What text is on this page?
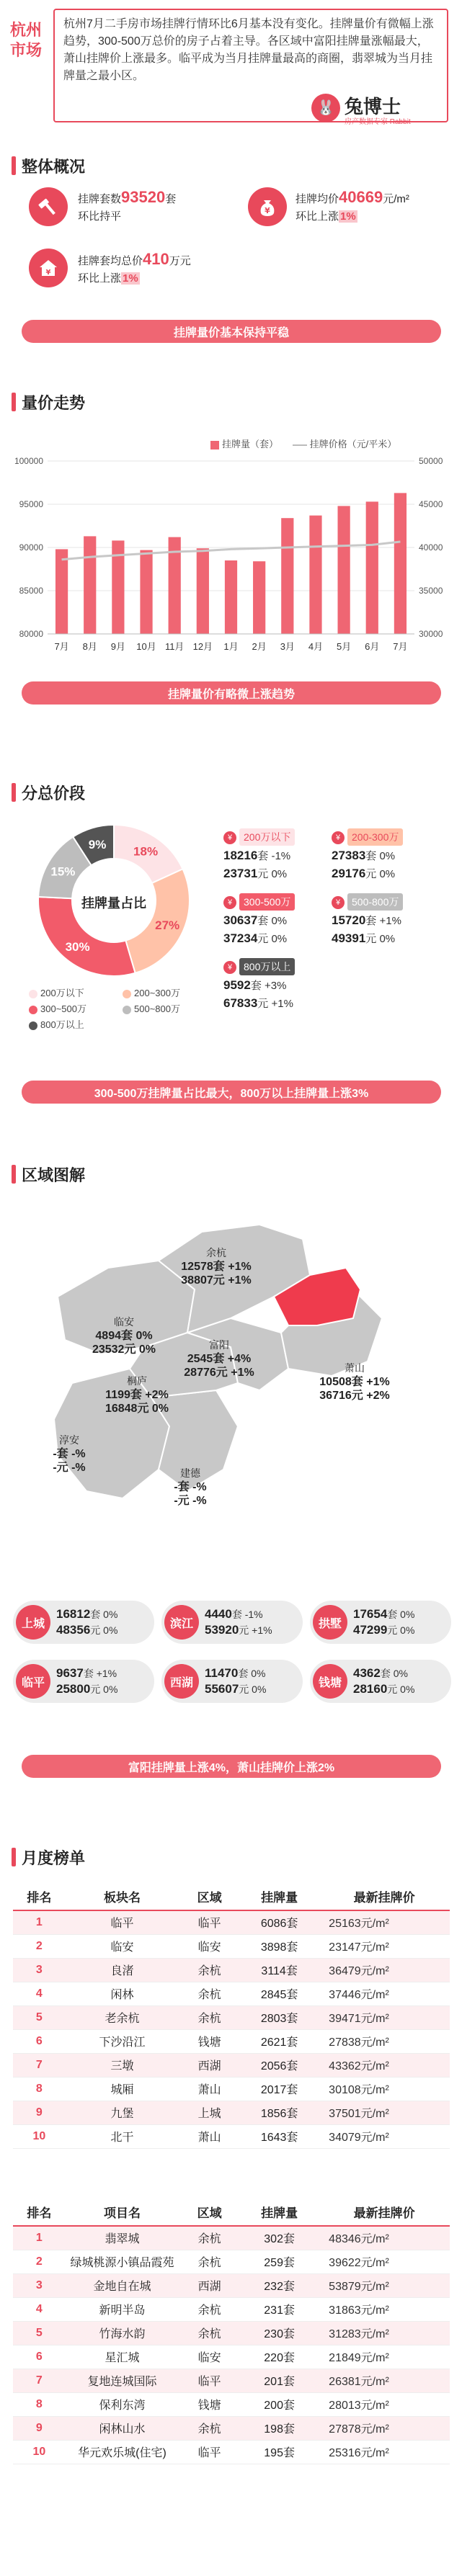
杭州市场
杭州7月二手房市场挂牌行情环比6月基本没有变化。挂牌量价有微幅上涨趋势，300-500万总价的房子占着主导。各区域中富阳挂牌量涨幅最大，萧山挂牌价上涨最多。临平成为当月挂牌量最高的商圈，翡翠城为当月挂牌量之最小区。
🐰 兔博士
房产数据专家 Rabbit
整体概况
挂牌套数93520套
环比持平	¥
挂牌均价40669元/m²
环比上涨 1%
¥
挂牌套均总价410万元
环比上涨 1%
挂牌量价基本保持平稳
量价走势
挂牌量（套）	挂牌价格（元/平米）
80000
85000
90000
95000
100000
30000
35000
40000
45000
50000
7月 8月 9月 10月 11月 12月 1月 2月 3月 4月 5月 6月 7月
挂牌量价有略微上涨趋势
分总价段
18%
27%
30%
15%
9%
挂牌量占比
200万以下	200~300万300~500万	500~800万800万以上
¥ 200万以下
18216套 -1%
23731元 0%
¥ 200-300万
27383套 0%
29176元 0%
¥ 300-500万
30637套 0%
37234元 0%
¥ 500-800万
15720套 +1%
49391元 0%
¥ 800万以上
9592套 +3%
67833元 +1%
300-500万挂牌量占比最大，800万以上挂牌量上涨3%
区域图解
余杭
12578套 +1%
38807元 +1%
临安
4894套 0%
23532元 0%	富阳
2545套 +4%
28776元 +1%	萧山
10508套 +1%
36716元 +2%
桐庐
1199套 +2%
16848元 0%
淳安
-套 -%
-元 -%	建德
-套 -%
-元 -%
上城
16812套 0%
48356元 0%
滨江
4440套 -1%
53920元 +1%
拱墅
17654套 0%
47299元 0%
临平
9637套 +1%
25800元 0%
西湖
11470套 0%
55607元 0%
钱塘
4362套 0%
28160元 0%
富阳挂牌量上涨4%，萧山挂牌价上涨2%
月度榜单
排名	板块名	区域	挂牌量	最新挂牌价
1	临平	临平	6086套	25163元/m²
2	临安	临安	3898套	23147元/m²
3	良渚	余杭	3114套	36479元/m²
4	闲林	余杭	2845套	37446元/m²
5	老余杭	余杭	2803套	39471元/m²
6	下沙沿江	钱塘	2621套	27838元/m²
7	三墩	西湖	2056套	43362元/m²
8	城厢	萧山	2017套	30108元/m²
9	九堡	上城	1856套	37501元/m²
10	北干	萧山	1643套	34079元/m²
排名	项目名	区域	挂牌量	最新挂牌价
1	翡翠城	余杭	302套	48346元/m²
2	绿城桃源小镇品霞苑	余杭	259套	39622元/m²
3	金地自在城	西湖	232套	53879元/m²
4	新明半岛	余杭	231套	31863元/m²
5	竹海水韵	余杭	230套	31283元/m²
6	星汇城	临安	220套	21849元/m²
7	复地连城国际	临平	201套	26381元/m²
8	保利东湾	钱塘	200套	28013元/m²
9	闲林山水	余杭	198套	27878元/m²
10	华元欢乐城(住宅)	临平	195套	25316元/m²
